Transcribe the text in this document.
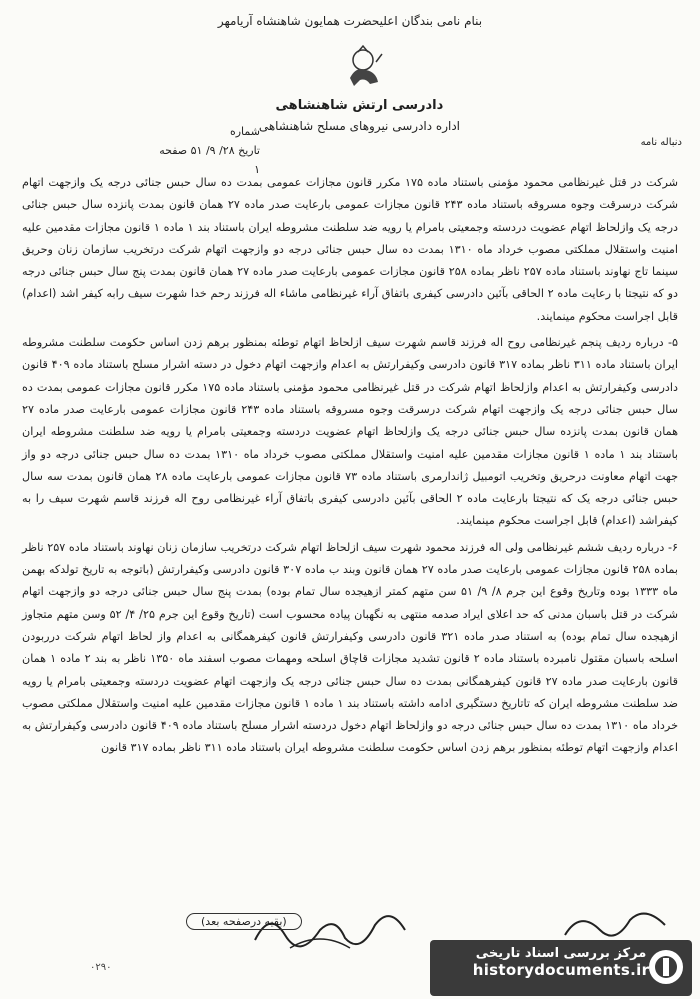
بنام نامی بندگان اعلیحضرت همایون شاهنشاه آریامهر
دادرسی ارتش شاهنشاهی
اداره دادرسی نیروهای مسلح شاهنشاهی
شماره
تاریخ ۲۸/ ۹/ ۵۱ صفحه ۱
دنباله نامه

شرکت در قتل غیرنظامی محمود مؤمنی باستناد ماده ۱۷۵ مکرر قانون مجازات عمومی بمدت ده سال حبس جنائی درجه یک وازجهت اتهام شرکت درسرقت وجوه مسروقه باستناد ماده ۲۴۳ قانون مجازات عمومی بارعایت صدر ماده ۲۷ همان قانون بمدت پانزده سال حبس جنائی درجه یک وازلحاظ اتهام عضویت دردسته وجمعیتی بامرام یا رویه ضد سلطنت مشروطه ایران باستناد بند ۱ ماده ۱ قانون مجازات مقدمین علیه امنیت واستقلال مملکتی مصوب خرداد ماه ۱۳۱۰ بمدت ده سال حبس جنائی درجه دو وازجهت اتهام شرکت درتخریب سازمان زنان وحریق سینما تاج نهاوند باستناد ماده ۲۵۷ ناظر بماده ۲۵۸ قانون مجازات عمومی بارعایت صدر ماده ۲۷ همان قانون بمدت پنج سال حبس جنائی درجه دو که نتیجتا با رعایت ماده ۲ الحاقی بآئین دادرسی کیفری باتفاق آراء غیرنظامی ماشاء اله فرزند رحم خدا شهرت سیف رابه کیفر اشد (اعدام) قابل اجراست محکوم مینمایند.

۵- درباره ردیف پنجم غیرنظامی روح اله فرزند قاسم شهرت سیف ازلحاظ اتهام توطئه بمنظور برهم زدن اساس حکومت سلطنت مشروطه ایران باستناد ماده ۳۱۱ ناظر بماده ۳۱۷ قانون دادرسی وکیفرارتش به اعدام وازجهت اتهام دخول در دسته اشرار مسلح باستناد ماده ۴۰۹ قانون دادرسی وکیفرارتش به اعدام وازلحاظ اتهام شرکت در قتل غیرنظامی محمود مؤمنی باستناد ماده ۱۷۵ مکرر قانون مجازات عمومی بمدت ده سال حبس جنائی درجه یک وازجهت اتهام شرکت درسرقت وجوه مسروقه باستناد ماده ۲۴۳ قانون مجازات عمومی بارعایت صدر ماده ۲۷ همان قانون بمدت پانزده سال حبس جنائی درجه یک وازلحاظ اتهام عضویت دردسته وجمعیتی بامرام یا رویه ضد سلطنت مشروطه ایران باستناد بند ۱ ماده ۱ قانون مجازات مقدمین علیه امنیت واستقلال مملکتی مصوب خرداد ماه ۱۳۱۰ بمدت ده سال حبس جنائی درجه دو واز جهت اتهام معاونت درحریق وتخریب اتومبیل ژاندارمری باستناد ماده ۷۳ قانون مجازات عمومی بارعایت ماده ۲۸ همان قانون بمدت سه سال حبس جنائی درجه یک که نتیجتا بارعایت ماده ۲ الحاقی بآئین دادرسی کیفری باتفاق آراء غیرنظامی روح اله فرزند قاسم شهرت سیف را به کیفراشد (اعدام) قابل اجراست محکوم مینمایند.

۶- درباره ردیف ششم غیرنظامی ولی اله فرزند محمود شهرت سیف ازلحاظ اتهام شرکت درتخریب سازمان زنان نهاوند باستناد ماده ۲۵۷ ناظر بماده ۲۵۸ قانون مجازات عمومی بارعایت صدر ماده ۲۷ همان قانون وبند ب ماده ۳۰۷ قانون دادرسی وکیفرارتش (باتوجه به تاریخ تولدکه بهمن ماه ۱۳۳۳ بوده وتاریخ وقوع این جرم ۸/ ۹/ ۵۱ سن متهم کمتر ازهیجده سال تمام بوده) بمدت پنج سال حبس جنائی درجه دو وازجهت اتهام شرکت در قتل باسبان مدنی که حد اعلای ایراد صدمه منتهی به نگهبان پیاده محسوب است (تاریخ وقوع این جرم ۲۵/ ۴/ ۵۲ وسن متهم متجاوز ازهیجده سال تمام بوده) به استناد صدر ماده ۳۲۱ قانون دادرسی وکیفرارتش قانون کیفرهمگانی به اعدام واز لحاظ اتهام شرکت درربودن اسلحه باسبان مقتول نامبرده باستناد ماده ۲ قانون تشدید مجازات قاچاق اسلحه ومهمات مصوب اسفند ماه ۱۳۵۰ ناظر به بند ۲ ماده ۱ همان قانون بارعایت صدر ماده ۲۷ قانون کیفرهمگانی بمدت ده سال حبس جنائی درجه یک وازجهت اتهام عضویت دردسته وجمعیتی بامرام یا رویه ضد سلطنت مشروطه ایران که تاتاریخ دستگیری ادامه داشته باستناد بند ۱ ماده ۱ قانون مجازات مقدمین علیه امنیت واستقلال مملکتی مصوب خرداد ماه ۱۳۱۰ بمدت ده سال حبس جنائی درجه دو وازلحاظ اتهام دخول دردسته اشرار مسلح باستناد ماده ۴۰۹ قانون دادرسی وکیفرارتش به اعدام وازجهت اتهام توطئه بمنظور برهم زدن اساس حکومت سلطنت مشروطه ایران باستناد ماده ۳۱۱ ناظر بماده ۳۱۷ قانون

(بقیه درصفحه بعد)
۰۲۹۰
مرکز بررسی اسناد تاریخی
historydocuments.ir
